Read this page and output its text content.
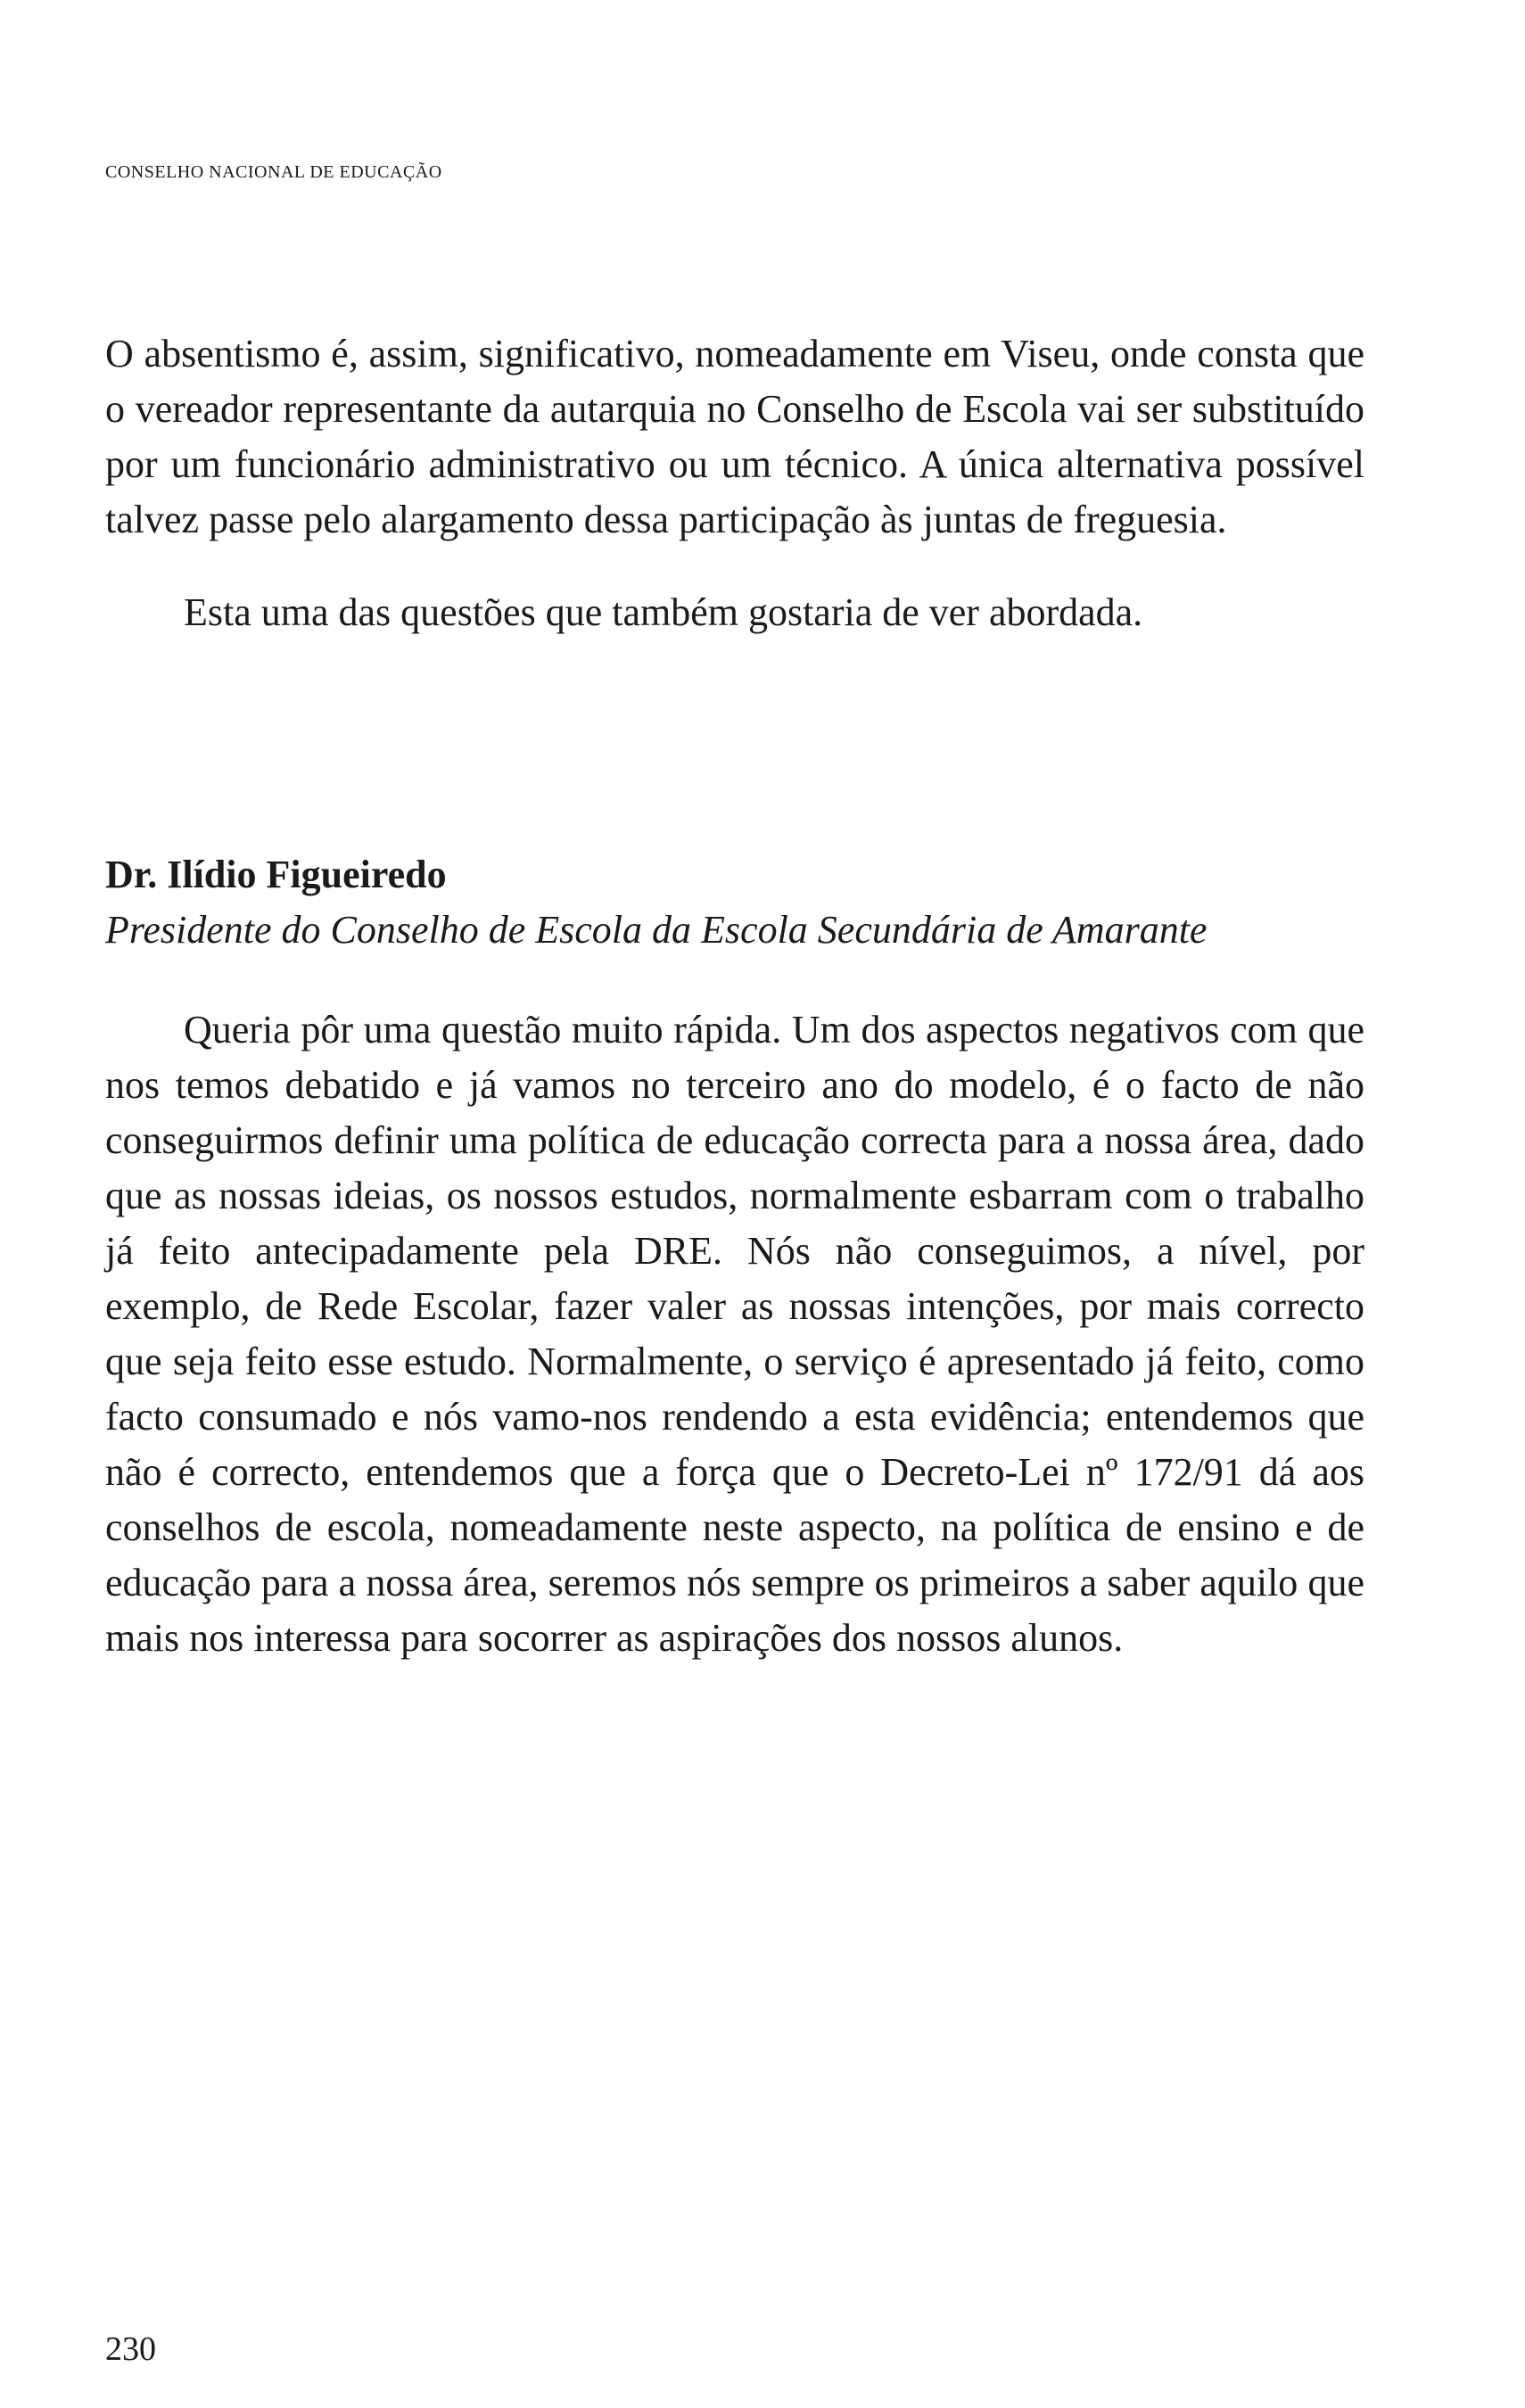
CONSELHO NACIONAL DE EDUCAÇÃO

O absentismo é, assim, significativo, nomeadamente em Viseu, onde consta que o vereador representante da autarquia no Conselho de Escola vai ser substituído por um funcionário administrativo ou um técnico. A única alternativa possível talvez passe pelo alargamento dessa participação às juntas de freguesia.

Esta uma das questões que também gostaria de ver abordada.

Dr. Ilídio Figueiredo
Presidente do Conselho de Escola da Escola Secundária de Amarante

Queria pôr uma questão muito rápida. Um dos aspectos negativos com que nos temos debatido e já vamos no terceiro ano do modelo, é o facto de não conseguirmos definir uma política de educação correcta para a nossa área, dado que as nossas ideias, os nossos estudos, normalmente esbarram com o trabalho já feito antecipadamente pela DRE. Nós não conseguimos, a nível, por exemplo, de Rede Escolar, fazer valer as nossas intenções, por mais correcto que seja feito esse estudo. Normalmente, o serviço é apresentado já feito, como facto consumado e nós vamo-nos rendendo a esta evidência; entendemos que não é correcto, entendemos que a força que o Decreto-Lei nº 172/91 dá aos conselhos de escola, nomeadamente neste aspecto, na política de ensino e de educação para a nossa área, seremos nós sempre os primeiros a saber aquilo que mais nos interessa para socorrer as aspirações dos nossos alunos.

230
